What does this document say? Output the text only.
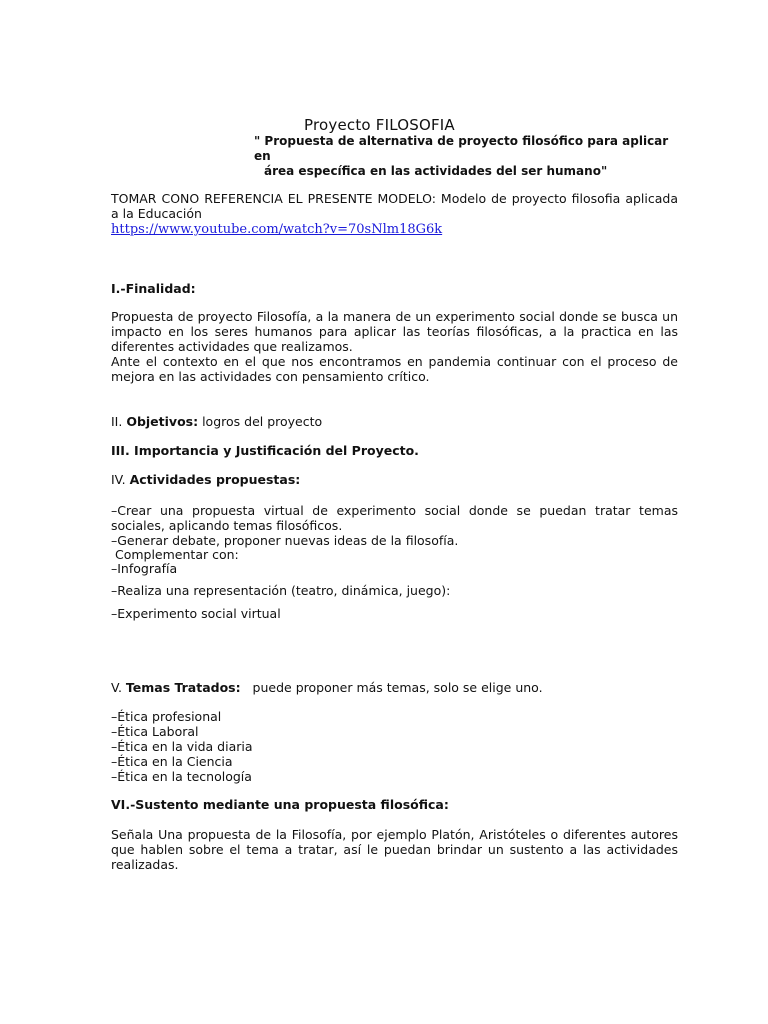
Proyecto FILOSOFIA
" Propuesta de alternativa de proyecto filosófico para aplicar en
área específica en las actividades del ser humano"
TOMAR CONO REFERENCIA EL PRESENTE MODELO: Modelo de proyecto filosofia aplicada a la Educación
https://www.youtube.com/watch?v=70sNlm18G6k
I.-Finalidad:
Propuesta de proyecto Filosofía, a la manera de un experimento social donde se busca un impacto en los seres humanos para aplicar las teorías filosóficas, a la practica en las diferentes actividades que realizamos.
Ante el contexto en el que nos encontramos en pandemia continuar con el proceso de mejora en las actividades con pensamiento crítico.
II. Objetivos: logros del proyecto
III. Importancia y Justificación del Proyecto.
IV. Actividades propuestas:
–Crear una propuesta virtual de experimento social donde se puedan tratar temas sociales, aplicando temas filosóficos.
–Generar debate, proponer nuevas ideas de la filosofía.
Complementar con:
–Infografía
–Realiza una representación (teatro, dinámica, juego):
–Experimento social virtual
V. Temas Tratados:   puede proponer más temas, solo se elige uno.
–Ética profesional
–Ética Laboral
–Ética en la vida diaria
–Ética en la Ciencia
–Ética en la tecnología
VI.-Sustento mediante una propuesta filosófica:
Señala Una propuesta de la Filosofía, por ejemplo Platón, Aristóteles o diferentes autores que hablen sobre el tema a tratar, así le puedan brindar un sustento a las actividades realizadas.
